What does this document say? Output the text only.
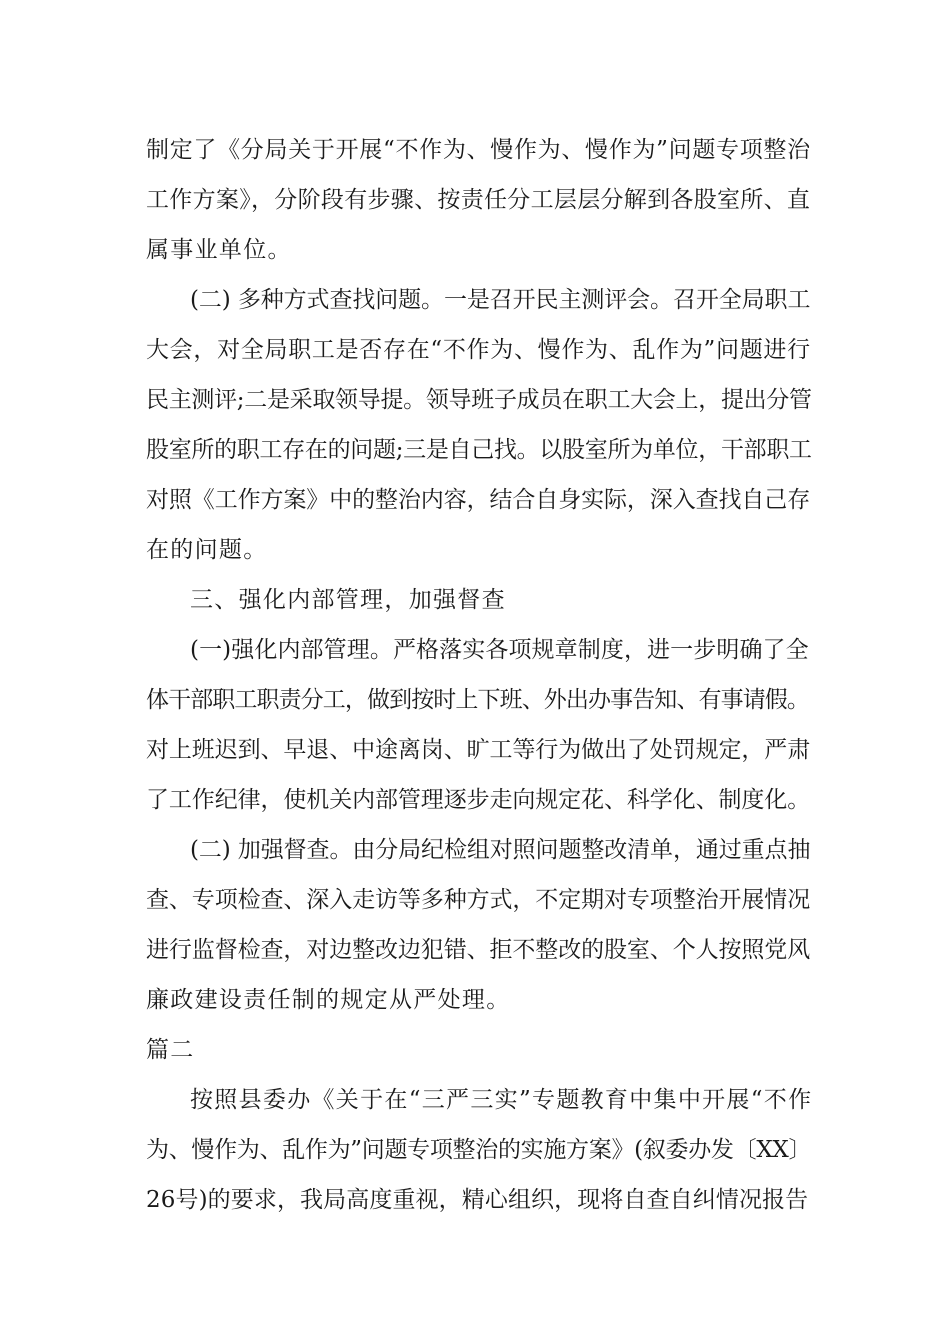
制定了《分局关于开展“不作为、慢作为、慢作为”问题专项整治
工作方案》，分阶段有步骤、按责任分工层层分解到各股室所、直
属事业单位。
(二) 多种方式查找问题。一是召开民主测评会。召开全局职工
大会，对全局职工是否存在“不作为、慢作为、乱作为”问题进行
民主测评;二是采取领导提。领导班子成员在职工大会上，提出分管
股室所的职工存在的问题;三是自己找。以股室所为单位，干部职工
对照《工作方案》中的整治内容，结合自身实际，深入查找自己存
在的问题。
三、强化内部管理，加强督查
(一)强化内部管理。严格落实各项规章制度，进一步明确了全
体干部职工职责分工，做到按时上下班、外出办事告知、有事请假。
对上班迟到、早退、中途离岗、旷工等行为做出了处罚规定，严肃
了工作纪律，使机关内部管理逐步走向规定花、科学化、制度化。
(二) 加强督查。由分局纪检组对照问题整改清单，通过重点抽
查、专项检查、深入走访等多种方式，不定期对专项整治开展情况
进行监督检查，对边整改边犯错、拒不整改的股室、个人按照党风
廉政建设责任制的规定从严处理。
篇二
按照县委办《关于在“三严三实”专题教育中集中开展“不作
为、慢作为、乱作为”问题专项整治的实施方案》(叙委办发〔XX〕
26号)的要求，我局高度重视，精心组织，现将自查自纠情况报告
